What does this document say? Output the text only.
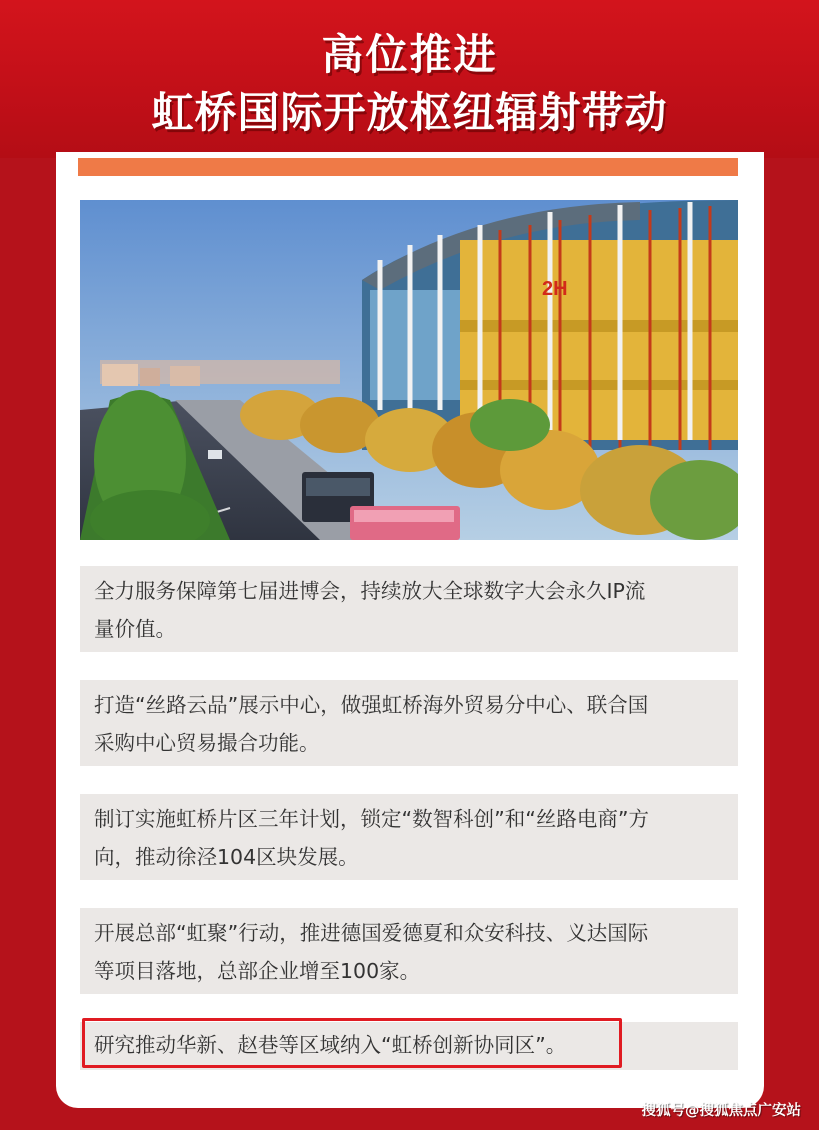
高位推进
虹桥国际开放枢纽辐射带动
2H
全力服务保障第七届进博会，持续放大全球数字大会永久IP流
量价值。
打造“丝路云品”展示中心，做强虹桥海外贸易分中心、联合国
采购中心贸易撮合功能。
制订实施虹桥片区三年计划，锁定“数智科创”和“丝路电商”方
向，推动徐泾104区块发展。
开展总部“虹聚”行动，推进德国爱德夏和众安科技、义达国际
等项目落地，总部企业增至100家。
研究推动华新、赵巷等区域纳入“虹桥创新协同区”。
搜狐号@搜狐焦点广安站
